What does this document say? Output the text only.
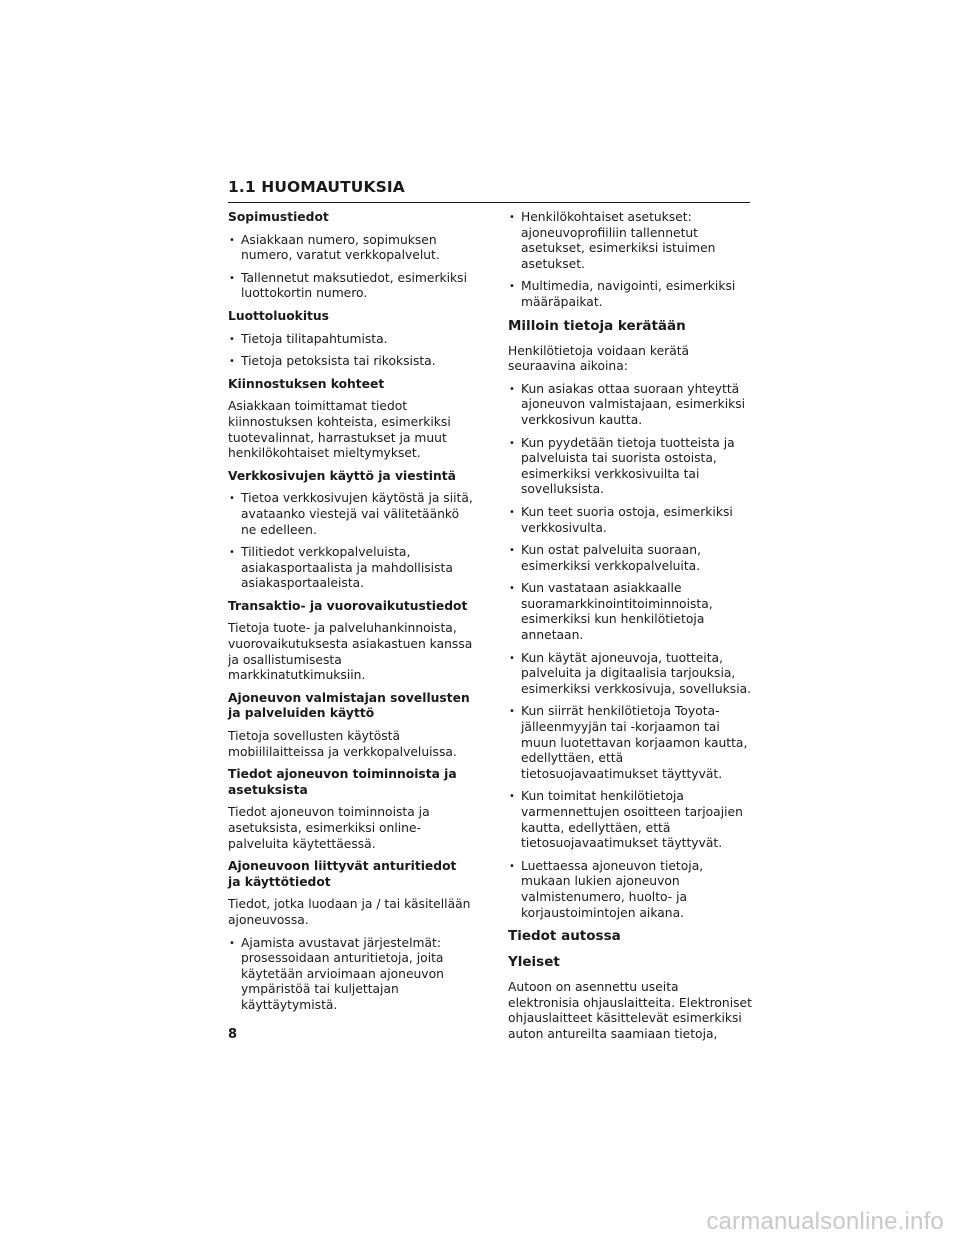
1.1 HUOMAUTUKSIA
Sopimustiedot
• Asiakkaan numero, sopimuksen numero, varatut verkkopalvelut.
• Tallennetut maksutiedot, esimerkiksi luottokortin numero.
Luottoluokitus
• Tietoja tilitapahtumista.
• Tietoja petoksista tai rikoksista.
Kiinnostuksen kohteet

Asiakkaan toimittamat tiedot kiinnostuksen kohteista, esimerkiksi tuotevalinnat, harrastukset ja muut henkilökohtaiset mieltymykset.

Verkkosivujen käyttö ja viestintä
• Tietoa verkkosivujen käytöstä ja siitä, avataanko viestejä vai välitetäänkö ne edelleen.
• Tilitiedot verkkopalveluista, asiakasportaalista ja mahdollisista asiakasportaaleista.
Transaktio- ja vuorovaikutustiedot

Tietoja tuote- ja palveluhankinnoista, vuorovaikutuksesta asiakastuen kanssa ja osallistumisesta markkinatutkimuksiin.

Ajoneuvon valmistajan sovellusten ja palveluiden käyttö

Tietoja sovellusten käytöstä mobiililaitteissa ja verkkopalveluissa.

Tiedot ajoneuvon toiminnoista ja asetuksista

Tiedot ajoneuvon toiminnoista ja asetuksista, esimerkiksi online-palveluita käytettäessä.

Ajoneuvoon liittyvät anturitiedot ja käyttötiedot

Tiedot, jotka luodaan ja / tai käsitellään ajoneuvossa.

• Ajamista avustavat järjestelmät: prosessoidaan anturitietoja, joita käytetään arvioimaan ajoneuvon ympäristöä tai kuljettajan käyttäytymistä.
• Henkilökohtaiset asetukset: ajoneuvoprofiiliin tallennetut asetukset, esimerkiksi istuimen asetukset.
• Multimedia, navigointi, esimerkiksi määräpaikat.
Milloin tietoja kerätään

Henkilötietoja voidaan kerätä seuraavina aikoina:

• Kun asiakas ottaa suoraan yhteyttä ajoneuvon valmistajaan, esimerkiksi verkkosivun kautta.
• Kun pyydetään tietoja tuotteista ja palveluista tai suorista ostoista, esimerkiksi verkkosivuilta tai sovelluksista.
• Kun teet suoria ostoja, esimerkiksi verkkosivulta.
• Kun ostat palveluita suoraan, esimerkiksi verkkopalveluita.
• Kun vastataan asiakkaalle suoramarkkinointitoiminnoista, esimerkiksi kun henkilötietoja annetaan.
• Kun käytät ajoneuvoja, tuotteita, palveluita ja digitaalisia tarjouksia, esimerkiksi verkkosivuja, sovelluksia.
• Kun siirrät henkilötietoja Toyota-jälleenmyyjän tai -korjaamon tai muun luotettavan korjaamon kautta, edellyttäen, että tietosuojavaatimukset täyttyvät.
• Kun toimitat henkilötietoja varmennettujen osoitteen tarjoajien kautta, edellyttäen, että tietosuojavaatimukset täyttyvät.
• Luettaessa ajoneuvon tietoja, mukaan lukien ajoneuvon valmistenumero, huolto- ja korjaustoimintojen aikana.
Tiedot autossa
Yleiset

Autoon on asennettu useita elektronisia ohjauslaitteita. Elektroniset ohjauslaitteet käsittelevät esimerkiksi auton antureilta saamiaan tietoja,

8
carmanualsonline.info
